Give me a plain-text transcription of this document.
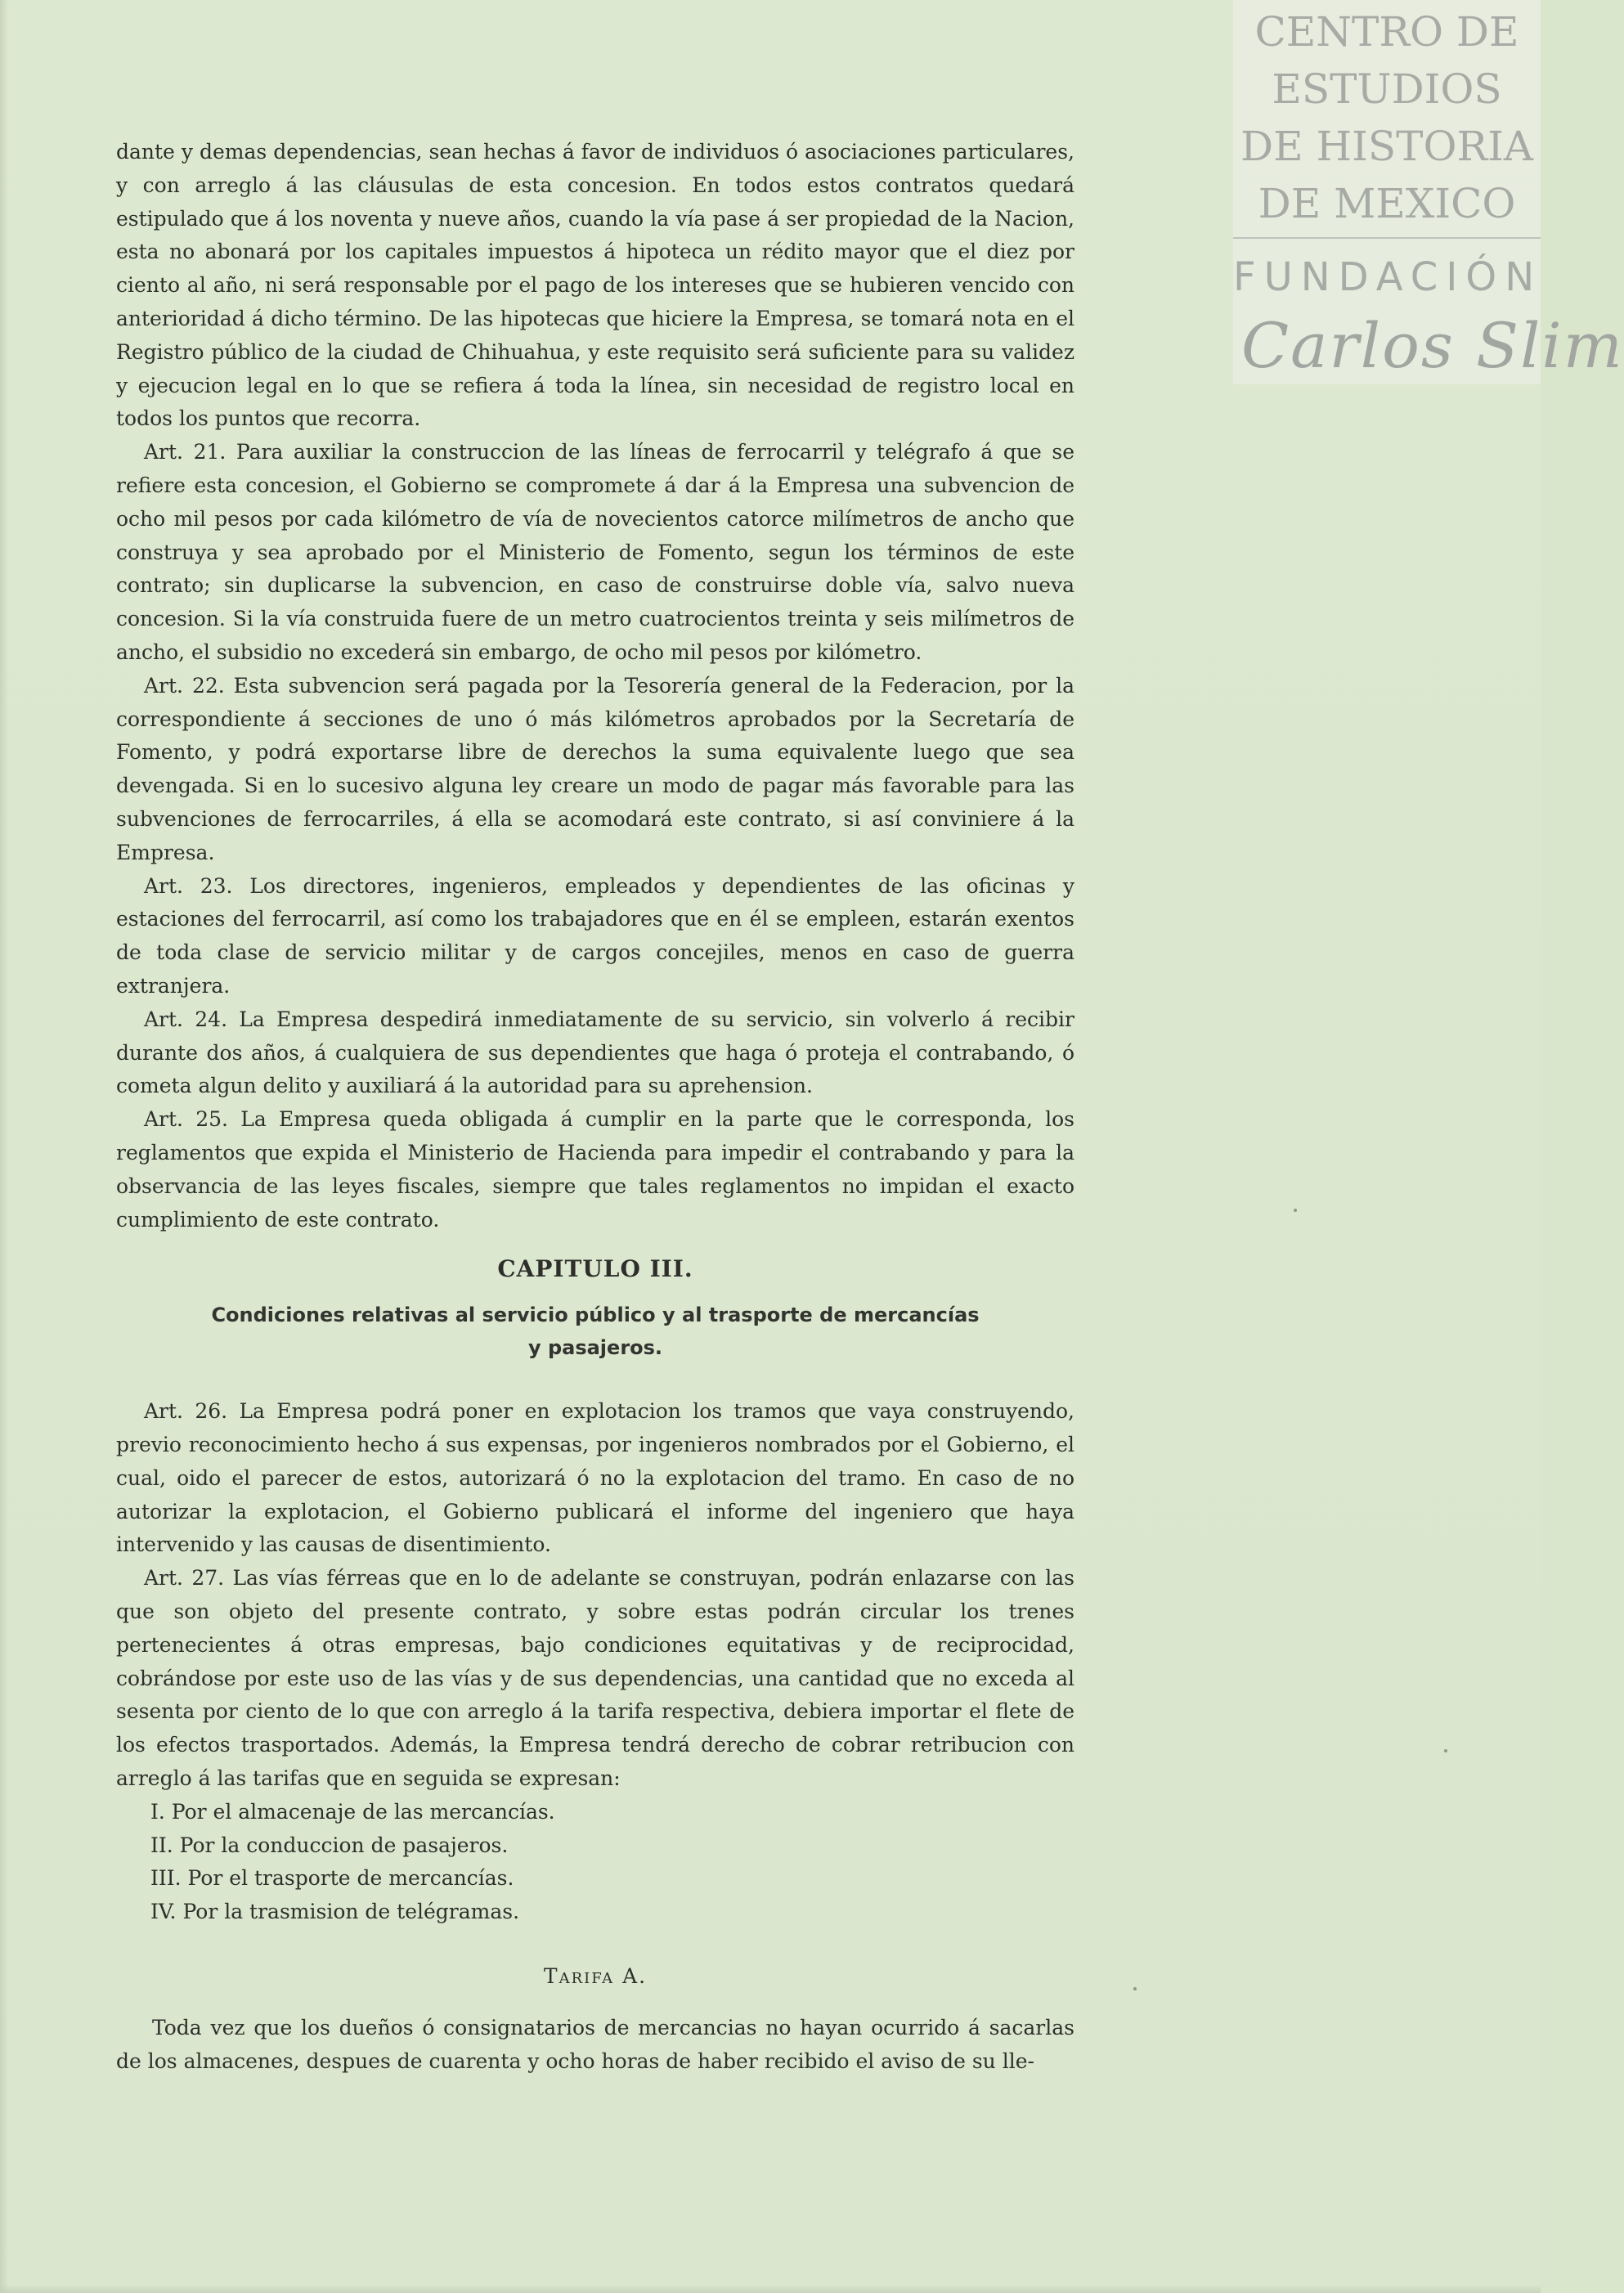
CENTRO DE
ESTUDIOS
DE HISTORIA
DE MEXICO
FUNDACIÓN
Carlos Slim

dante y demas dependencias, sean hechas á favor de individuos ó asociaciones particulares, y con arreglo á las cláusulas de esta concesion. En todos estos contratos quedará estipulado que á los noventa y nueve años, cuando la vía pase á ser propiedad de la Nacion, esta no abonará por los capitales impuestos á hipoteca un rédito mayor que el diez por ciento al año, ni será responsable por el pago de los intereses que se hubieren vencido con anterioridad á dicho término. De las hipotecas que hiciere la Empresa, se tomará nota en el Registro público de la ciudad de Chihuahua, y este requisito será suficiente para su validez y ejecucion legal en lo que se refiera á toda la línea, sin necesidad de registro local en todos los puntos que recorra.

Art. 21. Para auxiliar la construccion de las líneas de ferrocarril y telégrafo á que se refiere esta concesion, el Gobierno se compromete á dar á la Empresa una subvencion de ocho mil pesos por cada kilómetro de vía de novecientos catorce milímetros de ancho que construya y sea aprobado por el Ministerio de Fomento, segun los términos de este contrato; sin duplicarse la subvencion, en caso de construirse doble vía, salvo nueva concesion. Si la vía construida fuere de un metro cuatrocientos treinta y seis milímetros de ancho, el subsidio no excederá sin embargo, de ocho mil pesos por kilómetro.

Art. 22. Esta subvencion será pagada por la Tesorería general de la Federacion, por la correspondiente á secciones de uno ó más kilómetros aprobados por la Secretaría de Fomento, y podrá exportarse libre de derechos la suma equivalente luego que sea devengada. Si en lo sucesivo alguna ley creare un modo de pagar más favorable para las subvenciones de ferrocarriles, á ella se acomodará este contrato, si así conviniere á la Empresa.

Art. 23. Los directores, ingenieros, empleados y dependientes de las oficinas y estaciones del ferrocarril, así como los trabajadores que en él se empleen, estarán exentos de toda clase de servicio militar y de cargos concejiles, menos en caso de guerra extranjera.

Art. 24. La Empresa despedirá inmediatamente de su servicio, sin volverlo á recibir durante dos años, á cualquiera de sus dependientes que haga ó proteja el contrabando, ó cometa algun delito y auxiliará á la autoridad para su aprehension.

Art. 25. La Empresa queda obligada á cumplir en la parte que le corresponda, los reglamentos que expida el Ministerio de Hacienda para impedir el contrabando y para la observancia de las leyes fiscales, siempre que tales reglamentos no impidan el exacto cumplimiento de este contrato.

CAPITULO III.
Condiciones relativas al servicio público y al trasporte de mercancías
y pasajeros.

Art. 26. La Empresa podrá poner en explotacion los tramos que vaya construyendo, previo reconocimiento hecho á sus expensas, por ingenieros nombrados por el Gobierno, el cual, oido el parecer de estos, autorizará ó no la explotacion del tramo. En caso de no autorizar la explotacion, el Gobierno publicará el informe del ingeniero que haya intervenido y las causas de disentimiento.

Art. 27. Las vías férreas que en lo de adelante se construyan, podrán enlazarse con las que son objeto del presente contrato, y sobre estas podrán circular los trenes pertenecientes á otras empresas, bajo condiciones equitativas y de reciprocidad, cobrándose por este uso de las vías y de sus dependencias, una cantidad que no exceda al sesenta por ciento de lo que con arreglo á la tarifa respectiva, debiera importar el flete de los efectos trasportados. Además, la Empresa tendrá derecho de cobrar retribucion con arreglo á las tarifas que en seguida se expresan:

I. Por el almacenaje de las mercancías.

II. Por la conduccion de pasajeros.

III. Por el trasporte de mercancías.

IV. Por la trasmision de telégramas.

Tarifa A.

Toda vez que los dueños ó consignatarios de mercancias no hayan ocurrido á sacarlas de los almacenes, despues de cuarenta y ocho horas de haber recibido el aviso de su lle-
